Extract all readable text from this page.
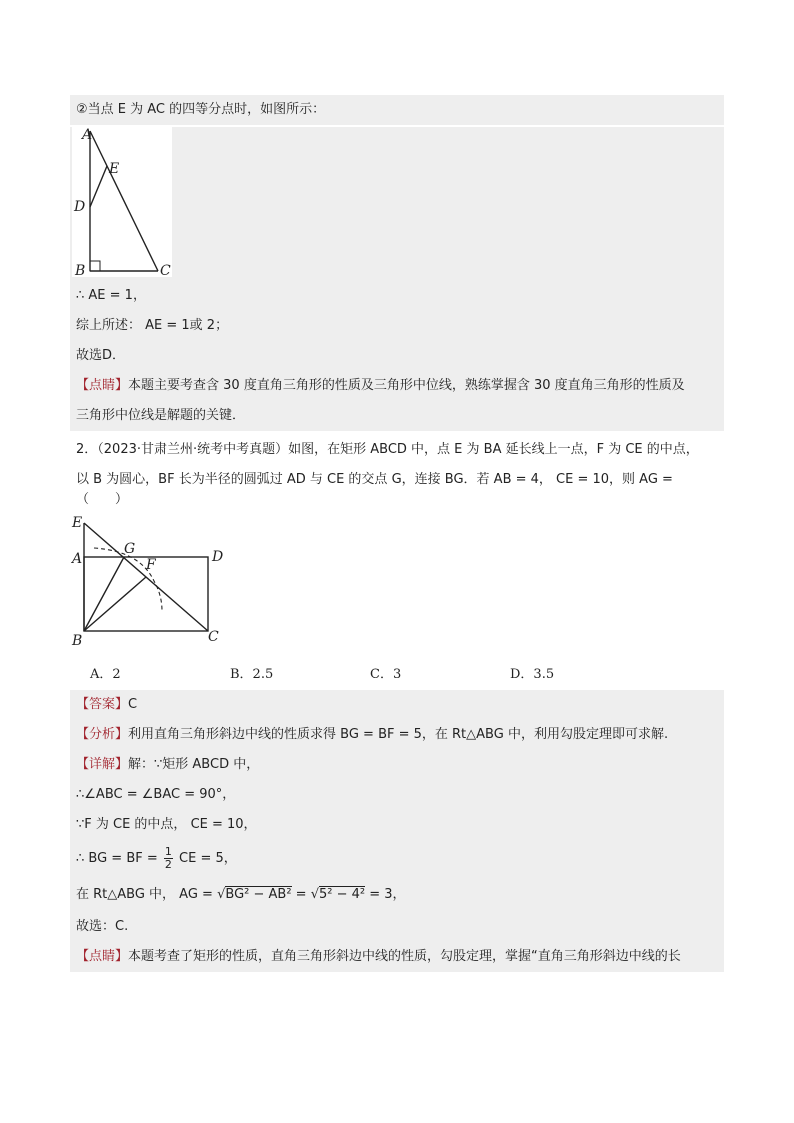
②当点 E 为 AC 的四等分点时，如图所示：
A
E
D
B	C
∴ AE = 1，
综上所述： AE = 1或 2；
故选D．
【点睛】本题主要考查含 30 度直角三角形的性质及三角形中位线，熟练掌握含 30 度直角三角形的性质及
三角形中位线是解题的关键．
2．（2023·甘肃兰州·统考中考真题）如图，在矩形 ABCD 中，点 E 为 BA 延长线上一点，F 为 CE 的中点，
以 B 为圆心，BF 长为半径的圆弧过 AD 与 CE 的交点 G，连接 BG．若 AB = 4， CE = 10，则 AG =（　　）
E
A
G
F	D
B	C
A．2	B．2.5	C．3	D．3.5
【答案】C
【分析】利用直角三角形斜边中线的性质求得 BG = BF = 5，在 Rt△ABG 中，利用勾股定理即可求解.
【详解】解：∵矩形 ABCD 中，
∴∠ABC = ∠BAC = 90°，
∵F 为 CE 的中点， CE = 10，
∴ BG = BF = $\frac{1}{2}$ CE = 5，
在 Rt△ABG 中， AG = √BG² − AB² = √5² − 4² = 3，
故选：C.
【点睛】本题考查了矩形的性质，直角三角形斜边中线的性质，勾股定理，掌握“直角三角形斜边中线的长
